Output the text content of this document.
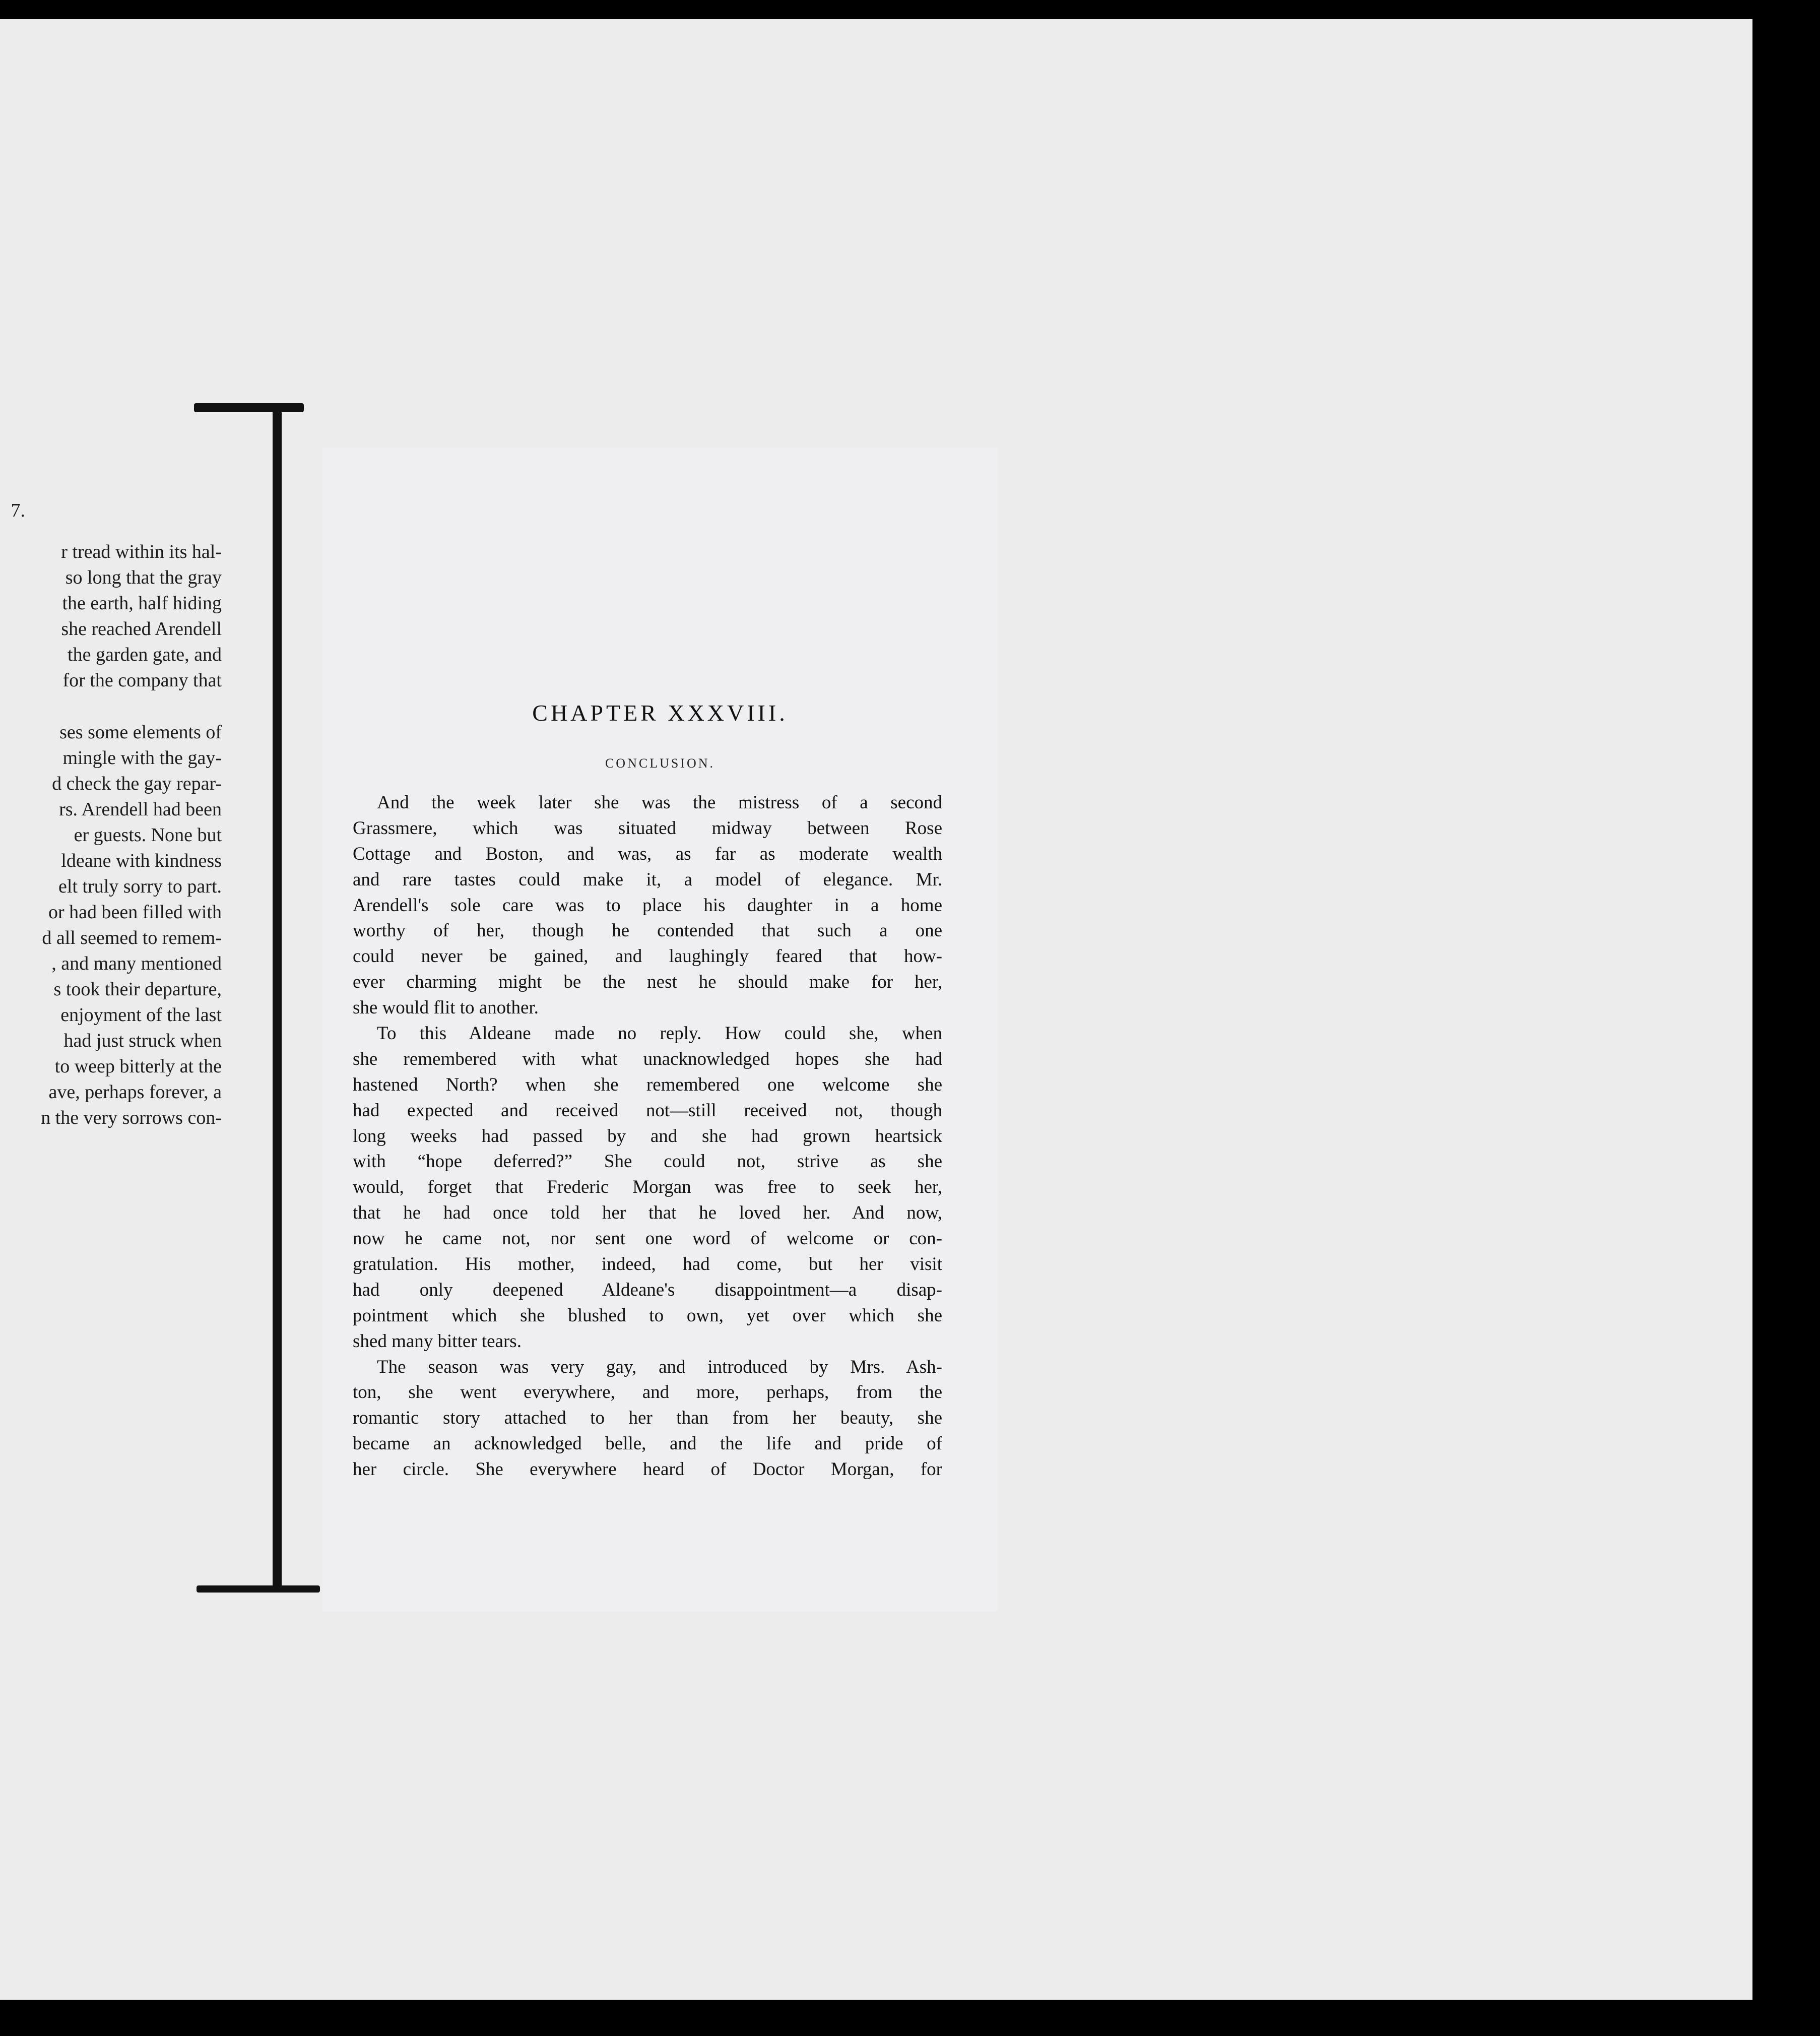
7.
r tread within its hal-
so long that the gray
the earth, half hiding
she reached Arendell
the garden gate, and
for the company that
ses some elements of
mingle with the gay-
d check the gay repar-
rs. Arendell had been
er guests. None but
ldeane with kindness
elt truly sorry to part.
or had been filled with
d all seemed to remem-
, and many mentioned
s took their departure,
enjoyment of the last
had just struck when
to weep bitterly at the
ave, perhaps forever, a
n the very sorrows con-
CHAPTER XXXVIII.
CONCLUSION.
And the week later she was the mistress of a second
Grassmere, which was situated midway between Rose
Cottage and Boston, and was, as far as moderate wealth
and rare tastes could make it, a model of elegance. Mr.
Arendell's sole care was to place his daughter in a home
worthy of her, though he contended that such a one
could never be gained, and laughingly feared that how-
ever charming might be the nest he should make for her,
she would flit to another.
To this Aldeane made no reply. How could she, when
she remembered with what unacknowledged hopes she had
hastened North? when she remembered one welcome she
had expected and received not—still received not, though
long weeks had passed by and she had grown heartsick
with “hope deferred?” She could not, strive as she
would, forget that Frederic Morgan was free to seek her,
that he had once told her that he loved her. And now,
now he came not, nor sent one word of welcome or con-
gratulation. His mother, indeed, had come, but her visit
had only deepened Aldeane's disappointment—a disap-
pointment which she blushed to own, yet over which she
shed many bitter tears.
The season was very gay, and introduced by Mrs. Ash-
ton, she went everywhere, and more, perhaps, from the
romantic story attached to her than from her beauty, she
became an acknowledged belle, and the life and pride of
her circle. She everywhere heard of Doctor Morgan, for
